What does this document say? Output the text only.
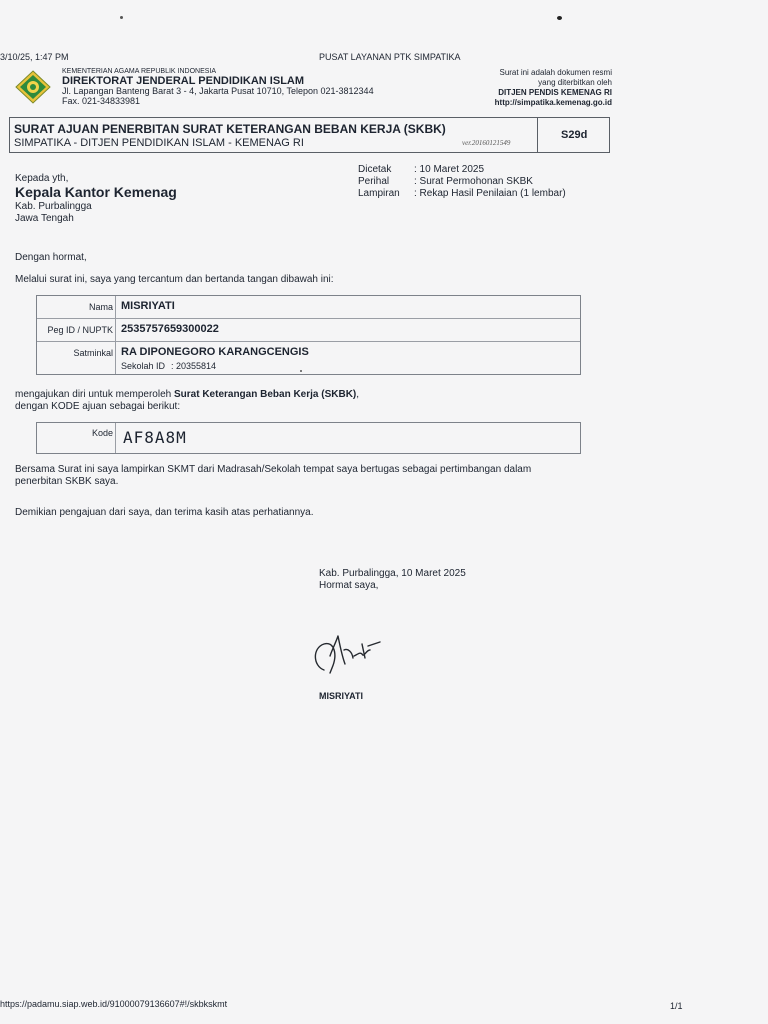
3/10/25, 1:47 PM	PUSAT LAYANAN PTK SIMPATIKA
KEMENTERIAN AGAMA REPUBLIK INDONESIA
DIREKTORAT JENDERAL PENDIDIKAN ISLAM
Jl. Lapangan Banteng Barat 3 - 4, Jakarta Pusat 10710, Telepon 021-3812344
Fax. 021-34833981
Surat ini adalah dokumen resmi
yang diterbitkan oleh
DITJEN PENDIS KEMENAG RI
http://simpatika.kemenag.go.id
SURAT AJUAN PENERBITAN SURAT KETERANGAN BEBAN KERJA (SKBK)
SIMPATIKA - DITJEN PENDIDIKAN ISLAM - KEMENAG RI	ver.20160121549
S29d
Kepada yth,
Kepala Kantor Kemenag
Kab. Purbalingga
Jawa Tengah
Dicetak : 10 Maret 2025
Perihal : Surat Permohonan SKBK
Lampiran : Rekap Hasil Penilaian (1 lembar)
Dengan hormat,
Melalui surat ini, saya yang tercantum dan bertanda tangan dibawah ini:
Nama MISRIYATI
Peg ID / NUPTK 2535757659300022
Satminkal RA DIPONEGORO KARANGCENGIS
Sekolah ID : 20355814
mengajukan diri untuk memperoleh Surat Keterangan Beban Kerja (SKBK),
dengan KODE ajuan sebagai berikut:
Kode AF8A8M
Bersama Surat ini saya lampirkan SKMT dari Madrasah/Sekolah tempat saya bertugas sebagai pertimbangan dalam
penerbitan SKBK saya.
Demikian pengajuan dari saya, dan terima kasih atas perhatiannya.
Kab. Purbalingga, 10 Maret 2025
Hormat saya,
MISRIYATI
https://padamu.siap.web.id/91000079136607#!/skbkskmt	1/1
